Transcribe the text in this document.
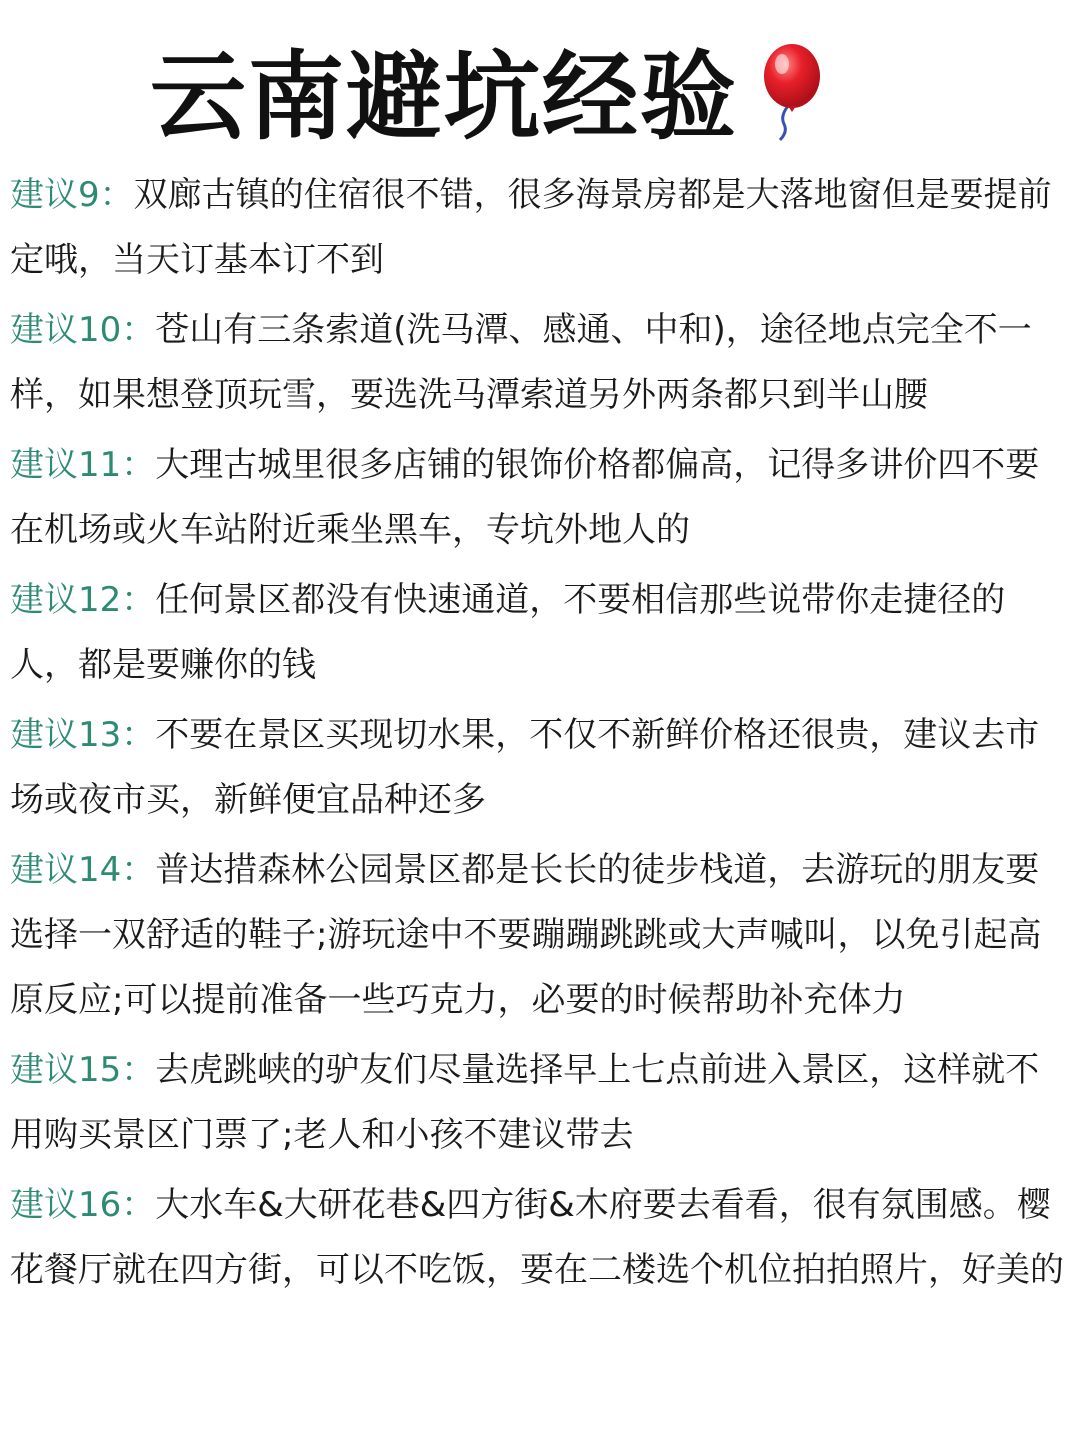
云南避坑经验
建议9：双廊古镇的住宿很不错，很多海景房都是大落地窗但是要提前定哦，当天订基本订不到
建议10：苍山有三条索道(洗马潭、感通、中和)，途径地点完全不一样，如果想登顶玩雪，要选洗马潭索道另外两条都只到半山腰
建议11：大理古城里很多店铺的银饰价格都偏高，记得多讲价四不要在机场或火车站附近乘坐黑车，专坑外地人的
建议12：任何景区都没有快速通道，不要相信那些说带你走捷径的人，都是要赚你的钱
建议13：不要在景区买现切水果，不仅不新鲜价格还很贵，建议去市场或夜市买，新鲜便宜品种还多
建议14：普达措森林公园景区都是长长的徒步栈道，去游玩的朋友要选择一双舒适的鞋子;游玩途中不要蹦蹦跳跳或大声喊叫，以免引起高原反应;可以提前准备一些巧克力，必要的时候帮助补充体力
建议15：去虎跳峡的驴友们尽量选择早上七点前进入景区，这样就不用购买景区门票了;老人和小孩不建议带去
建议16：大水车&大研花巷&四方街&木府要去看看，很有氛围感。樱花餐厅就在四方街，可以不吃饭，要在二楼选个机位拍拍照片，好美的
